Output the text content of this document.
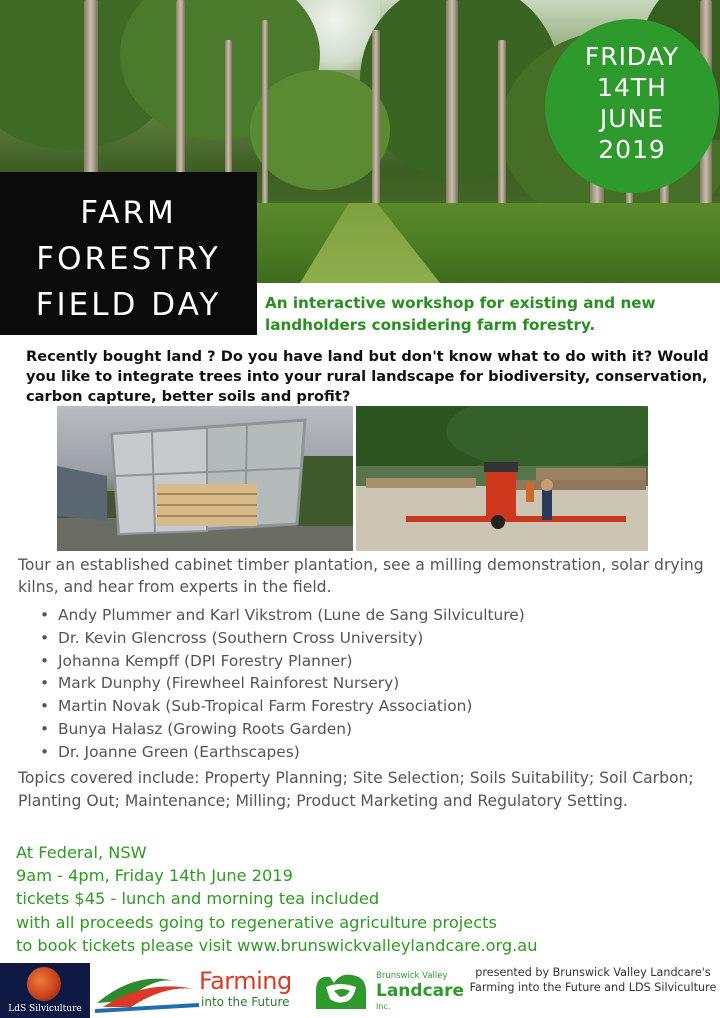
FRIDAY
14TH
JUNE
2019
FARM
FORESTRY
FIELD DAY	An interactive workshop for existing and new landholders considering farm forestry.
Recently bought land ? Do you have land but don't know what to do with it? Would you like to integrate trees into your rural landscape for biodiversity, conservation, carbon capture, better soils and profit?
Tour an established cabinet timber plantation, see a milling demonstration, solar drying kilns, and hear from experts in the field.
• Andy Plummer and Karl Vikstrom (Lune de Sang Silviculture)
• Dr. Kevin Glencross (Southern Cross University)
• Johanna Kempff (DPI Forestry Planner)
• Mark Dunphy (Firewheel Rainforest Nursery)
• Martin Novak (Sub-Tropical Farm Forestry Association)
• Bunya Halasz (Growing Roots Garden)
• Dr. Joanne Green (Earthscapes)
Topics covered include: Property Planning; Site Selection; Soils Suitability; Soil Carbon; Planting Out; Maintenance; Milling; Product Marketing and Regulatory Setting.
At Federal, NSW
9am - 4pm, Friday 14th June 2019
tickets $45 - lunch and morning tea included
with all proceeds going to regenerative agriculture projects
to book tickets please visit www.brunswickvalleylandcare.org.au
LdS Silviculture
Farming
into the Future
Brunswick Valley
Landcare
Inc.
presented by Brunswick Valley Landcare's Farming into the Future and LDS Silviculture
